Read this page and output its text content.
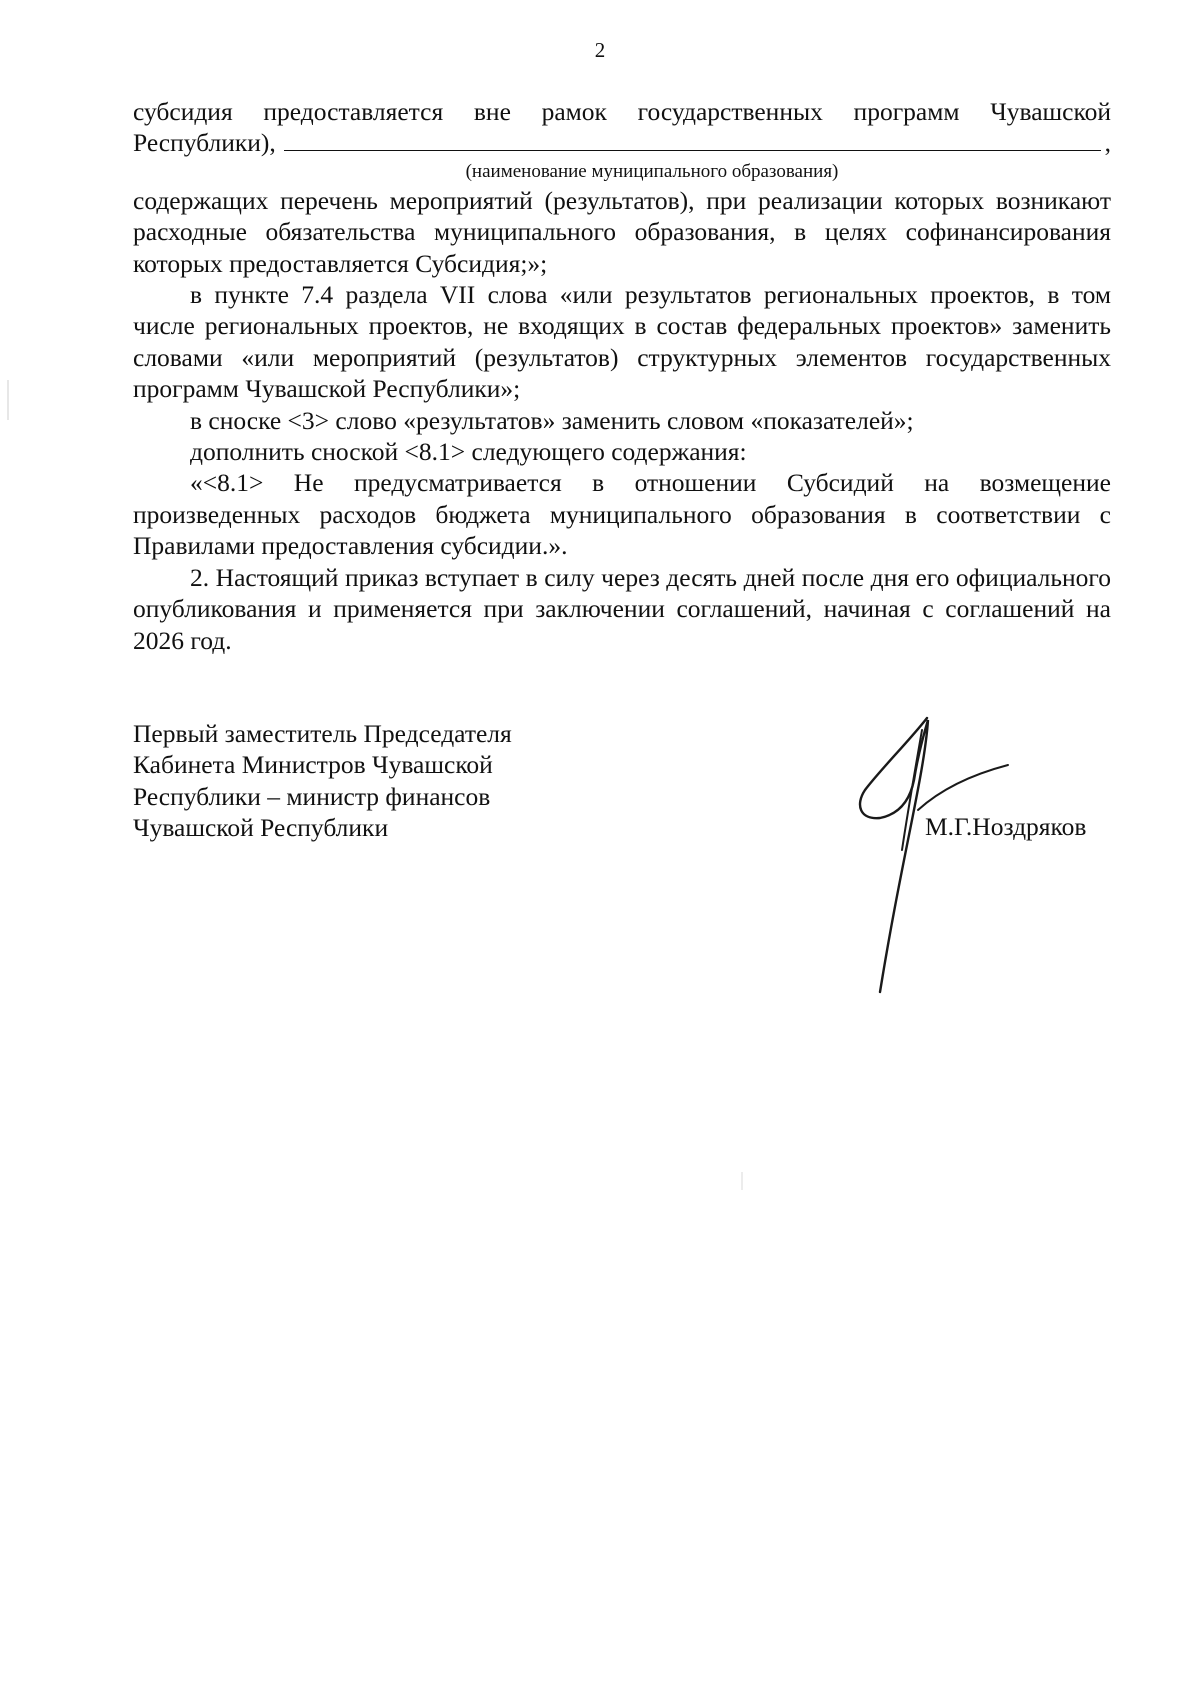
2

субсидия предоставляется вне рамок государственных программ Чувашской

Республики),	,
(наименование муниципального образования)

содержащих перечень мероприятий (результатов), при реализации которых возникают расходные обязательства муниципального образования, в целях софинансирования которых предоставляется Субсидия;»;

в пункте 7.4 раздела VII слова «или результатов региональных проектов, в том числе региональных проектов, не входящих в состав федеральных проектов» заменить словами «или мероприятий (результатов) структурных элементов государственных программ Чувашской Республики»;

в сноске <3> слово «результатов» заменить словом «показателей»;

дополнить сноской <8.1> следующего содержания:

«<8.1> Не предусматривается в отношении Субсидий на возмещение произведенных расходов бюджета муниципального образования в соответствии с Правилами предоставления субсидии.».

2. Настоящий приказ вступает в силу через десять дней после дня его официального опубликования и применяется при заключении соглашений, начиная с соглашений на 2026 год.

Первый заместитель Председателя
Кабинета Министров Чувашской
Республики – министр финансов
Чувашской Республики	М.Г.Ноздряков
